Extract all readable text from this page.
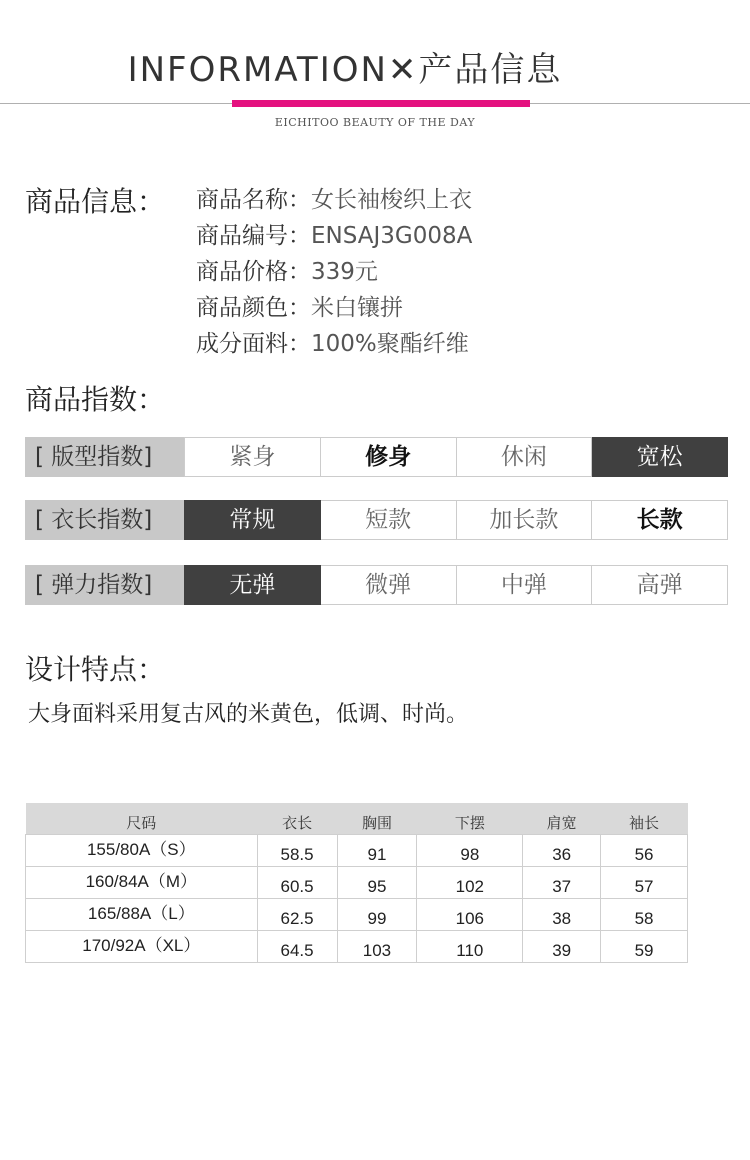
INFORMATION✕产品信息
EICHITOO BEAUTY OF THE DAY
商品信息： 商品名称：女长袖梭织上衣
商品编号：ENSAJ3G008A
商品价格：339元
商品颜色：米白镶拼
成分面料：100%聚酯纤维
商品指数：
[ 版型指数]	紧身	修身	休闲	宽松
[ 衣长指数]	常规	短款	加长款	长款
[ 弹力指数]	无弹	微弹	中弹	高弹
设计特点：
大身面料采用复古风的米黄色，低调、时尚。
尺码	衣长	胸围	下摆	肩宽	袖长
155/80A（S）	58.5	91	98	36	56
160/84A（M）	60.5	95	102	37	57
165/88A（L）	62.5	99	106	38	58
170/92A（XL）	64.5	103	110	39	59
